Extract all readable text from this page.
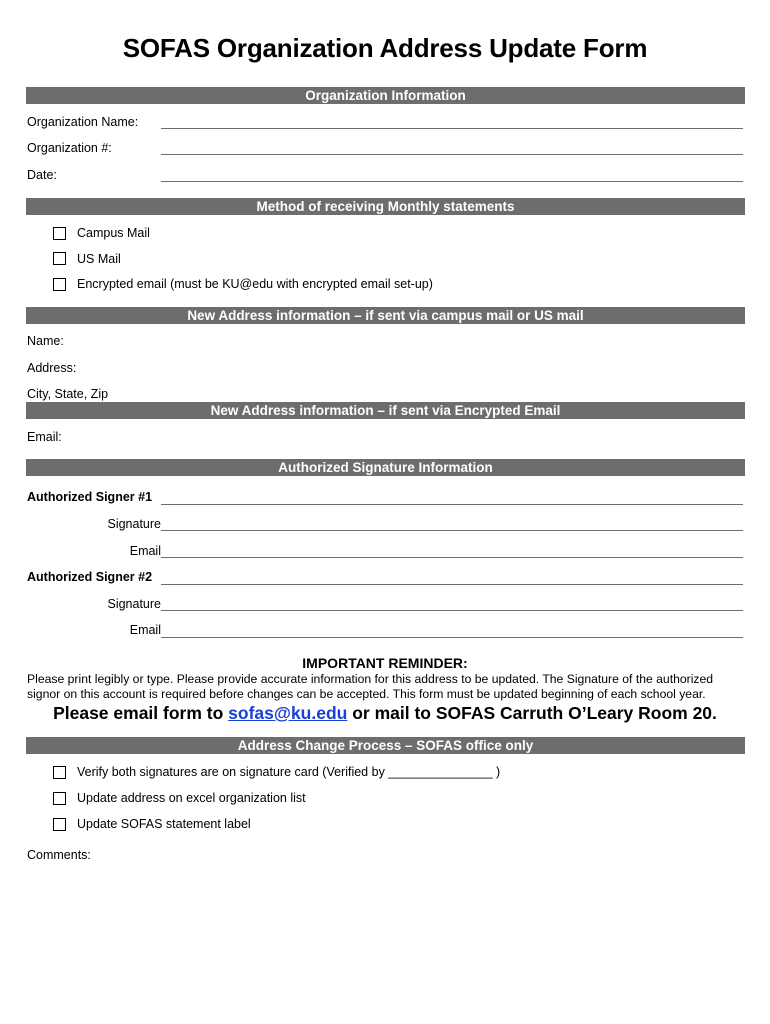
SOFAS Organization Address Update Form
Organization Information
Organization Name:
Organization #:
Date:
Method of receiving Monthly statements
Campus Mail
US Mail
Encrypted email (must be KU@edu with encrypted email set-up)
New Address information – if sent via campus mail or US mail
Name:
Address:
City, State, Zip
New Address information – if sent via Encrypted Email
Email:
Authorized Signature Information
Authorized Signer #1
Signature
Email
Authorized Signer #2
Signature
Email
IMPORTANT REMINDER:
Please print legibly or type. Please provide accurate information for this address to be updated. The Signature of the authorized
signor on this account is required before changes can be accepted. This form must be updated beginning of each school year.
Please email form to sofas@ku.edu or mail to SOFAS Carruth O’Leary Room 20.
Address Change Process – SOFAS office only
Verify both signatures are on signature card (Verified by _______________ )
Update address on excel organization list
Update SOFAS statement label
Comments:
